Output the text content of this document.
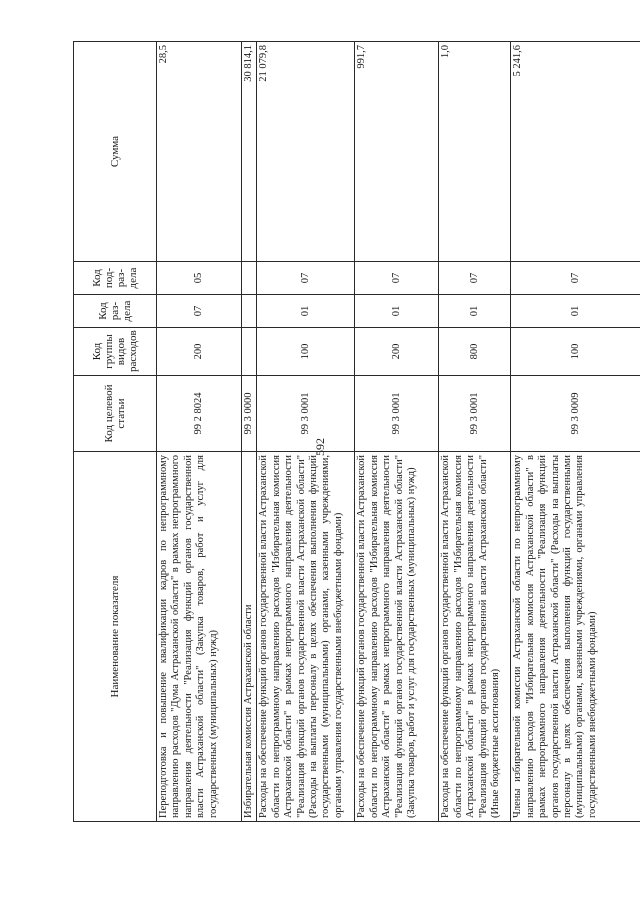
592
Наименование показателя	Код целевой статьи	Код группы видов расходов	Код раз-дела	Код под-раз-дела	Сумма
Переподготовка и повышение квалификации кадров по непрограммному направлению расходов "Дума Астраханской области" в рамках непрограммного направления деятельности "Реализация функций органов государственной власти Астраханской области" (Закупка товаров, работ и услуг для государственных (муниципальных) нужд)	99 2 8024	200	07	05	28,5
Избирательная комиссия Астраханской области	99 3 0000				30 814,1
Расходы на обеспечение функций органов государственной власти Астраханской области по непрограммному направлению расходов "Избирательная комиссия Астраханской области" в рамках непрограммного направления деятельности "Реализация функций органов государственной власти Астраханской области" (Расходы на выплаты персоналу в целях обеспечения выполнения функций государственными (муниципальными) органами, казенными учреждениями, органами управления государственными внебюджетными фондами)	99 3 0001	100	01	07	21 079,8
Расходы на обеспечение функций органов государственной власти Астраханской области по непрограммному направлению расходов "Избирательная комиссия Астраханской области" в рамках непрограммного направления деятельности "Реализация функций органов государственной власти Астраханской области" (Закупка товаров, работ и услуг для государственных (муниципальных) нужд)	99 3 0001	200	01	07	991,7
Расходы на обеспечение функций органов государственной власти Астраханской области по непрограммному направлению расходов "Избирательная комиссия Астраханской области" в рамках непрограммного направления деятельности "Реализация функций органов государственной власти Астраханской области" (Иные бюджетные ассигнования)	99 3 0001	800	01	07	1,0
Члены избирательной комиссии Астраханской области по непрограммному направлению расходов "Избирательная комиссия Астраханской области" в рамках непрограммного направления деятельности "Реализация функций органов государственной власти Астраханской области" (Расходы на выплаты персоналу в целях обеспечения выполнения функций государственными (муниципальными) органами, казенными учреждениями, органами управления государственными внебюджетными фондами)	99 3 0009	100	01	07	5 241,6
